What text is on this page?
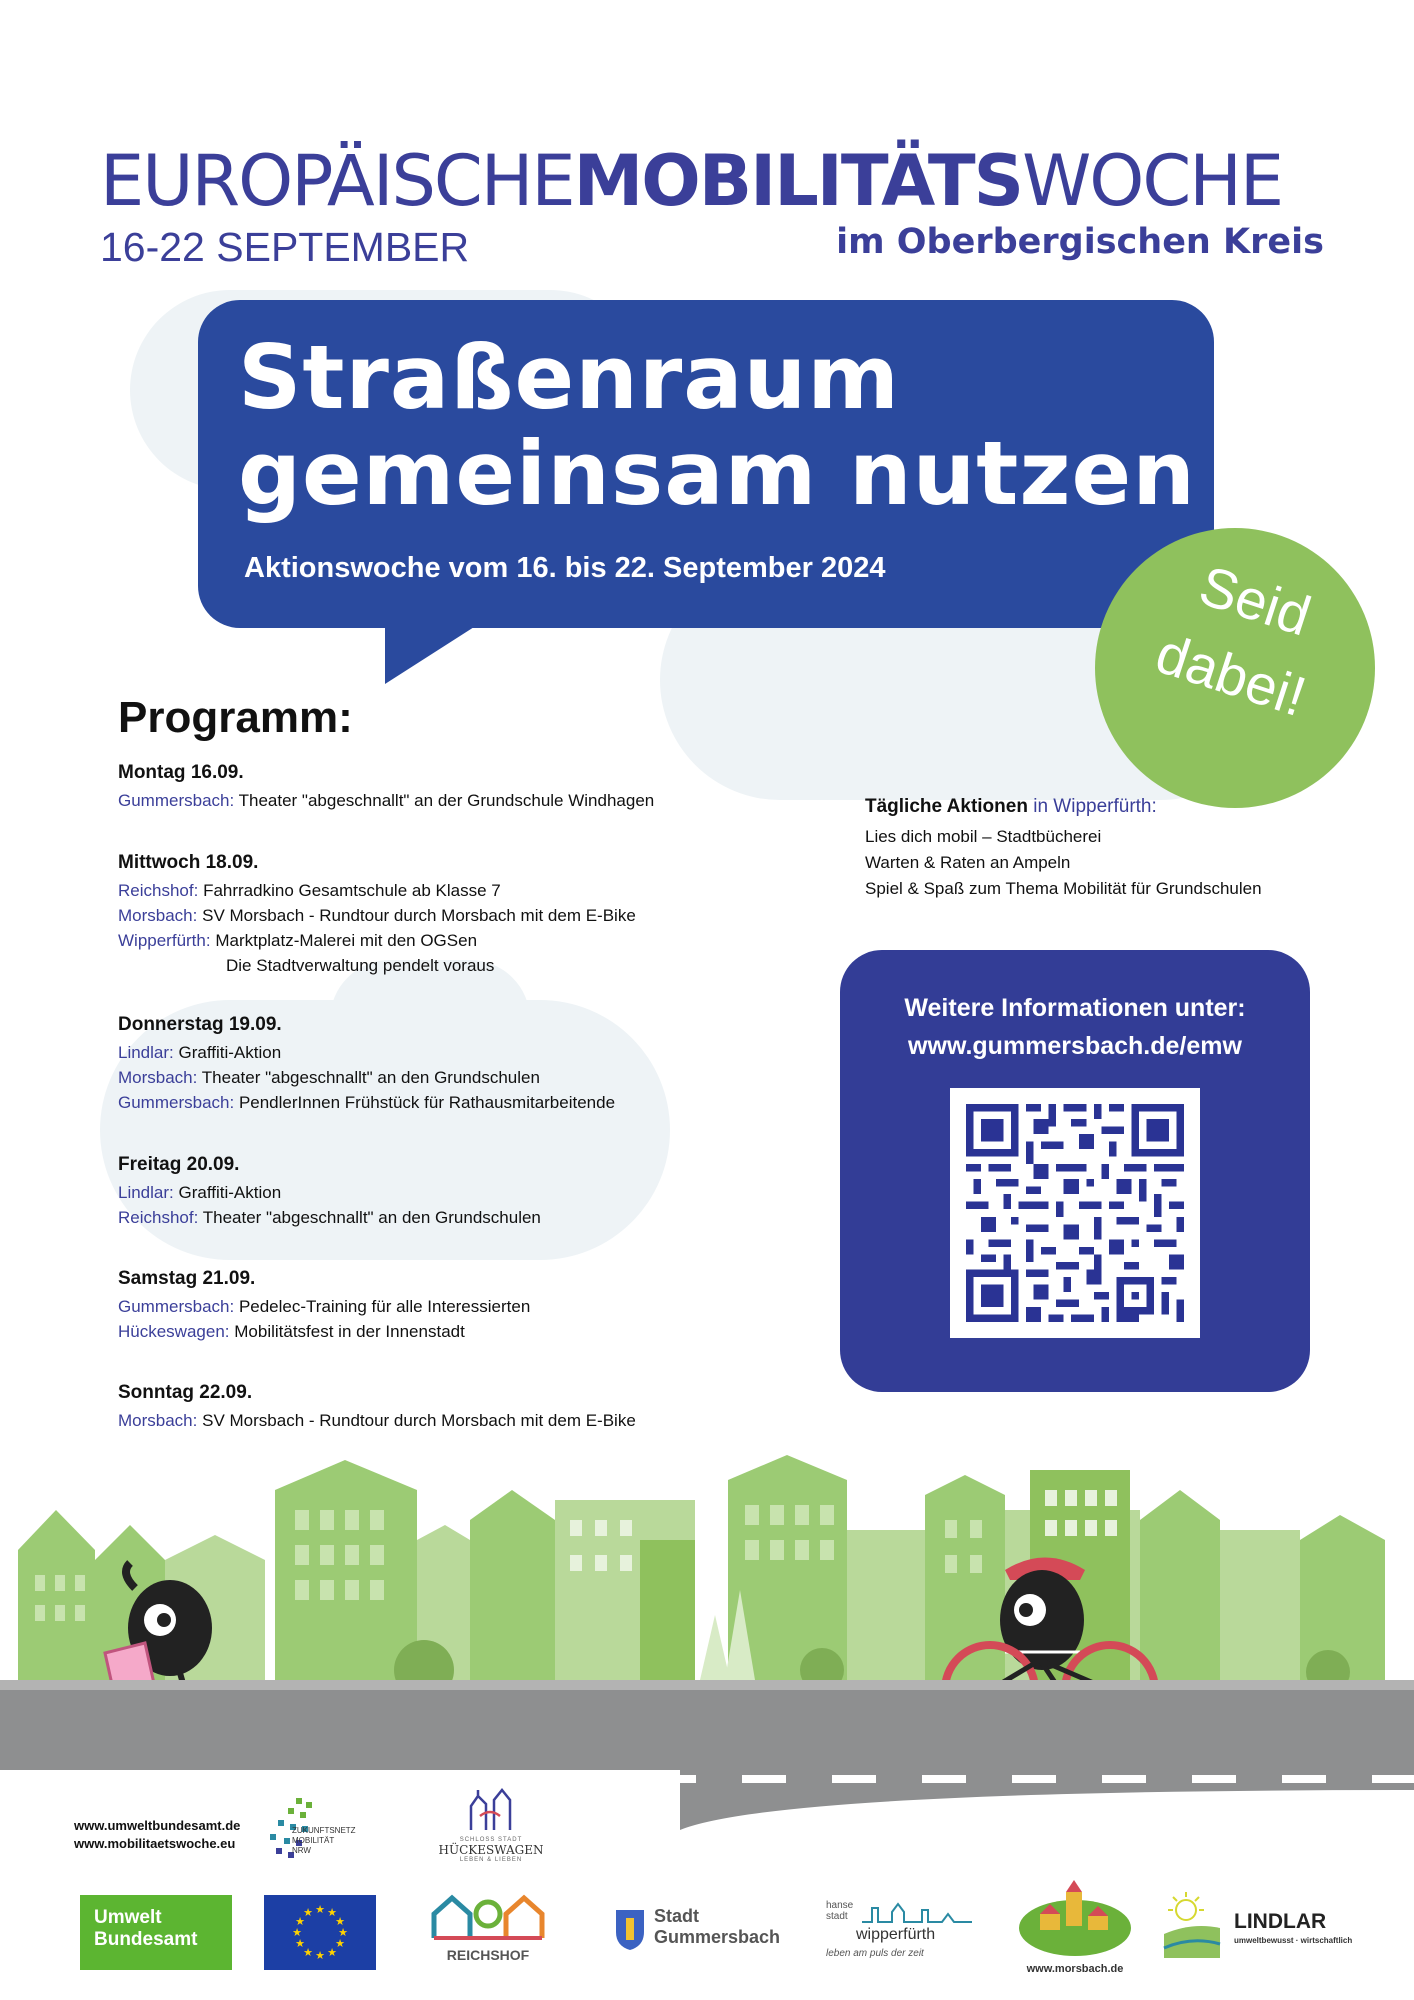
EUROPÄISCHEMOBILITÄTSWOCHE
16-22 SEPTEMBER	im Oberbergischen Kreis
Straßenraum
gemeinsam nutzen
Aktionswoche vom 16. bis 22. September 2024	Seid
dabei!
Programm:
Montag 16.09.
Gummersbach: Theater "abgeschnallt" an der Grundschule Windhagen
Mittwoch 18.09.
Reichshof: Fahrradkino Gesamtschule ab Klasse 7
Morsbach: SV Morsbach - Rundtour durch Morsbach mit dem E-Bike
Wipperfürth: Marktplatz-Malerei mit den OGSen
Die Stadtverwaltung pendelt voraus
Donnerstag 19.09.
Lindlar: Graffiti-Aktion
Morsbach: Theater "abgeschnallt" an den Grundschulen
Gummersbach: PendlerInnen Frühstück für Rathausmitarbeitende
Freitag 20.09.
Lindlar: Graffiti-Aktion
Reichshof: Theater "abgeschnallt" an den Grundschulen
Samstag 21.09.
Gummersbach: Pedelec-Training für alle Interessierten
Hückeswagen: Mobilitätsfest in der Innenstadt
Sonntag 22.09.
Morsbach: SV Morsbach - Rundtour durch Morsbach mit dem E-Bike
Tägliche Aktionen in Wipperfürth:
Lies dich mobil – Stadtbücherei
Warten & Raten an Ampeln
Spiel & Spaß zum Thema Mobilität für Grundschulen
Weitere Informationen unter:
www.gummersbach.de/emw
www.umweltbundesamt.de
www.mobilitaetswoche.eu
ZUKUNFTSNETZ
MOBILITÄT
NRW
SCHLOSS STADT
HÜCKESWAGEN
LEBEN & LIEBEN
Umwelt
Bundesamt
★ ★
★
★
★
★
★
★
★
★
★
★
REICHSHOF
Stadt
Gummersbach
hanse
stadt
wipperfürth
leben am puls der zeit
www.morsbach.de
LINDLAR
umweltbewusst · wirtschaftlich
